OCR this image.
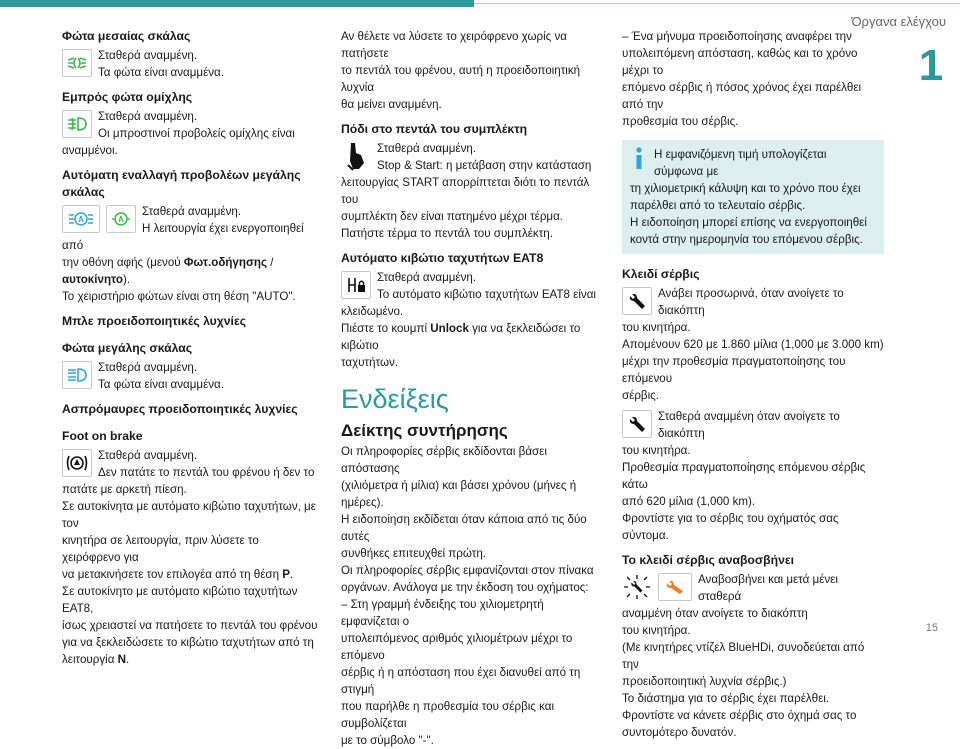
Όργανα ελέγχου
1
15
Φώτα μεσαίας σκάλας
Σταθερά αναμμένη.
Τα φώτα είναι αναμμένα.
Εμπρός φώτα ομίχλης
Σταθερά αναμμένη.
Οι μπροστινοί προβολείς ομίχλης είναι
αναμμένοι.
Αυτόματη εναλλαγή προβολέων μεγάλης σκάλας
A	A
Σταθερά αναμμένη.
Η λειτουργία έχει ενεργοποιηθεί από
την οθόνη αφής (μενού Φωτ.οδήγησης / αυτοκίνητο).
Το χειριστήριο φώτων είναι στη θέση "AUTO".
Μπλε προειδοποιητικές λυχνίες
Φώτα μεγάλης σκάλας
Σταθερά αναμμένη.
Τα φώτα είναι αναμμένα.
Ασπρόμαυρες προειδοποιητικές λυχνίες
Foot on brake
Σταθερά αναμμένη.
Δεν πατάτε το πεντάλ του φρένου ή δεν το
πατάτε με αρκετή πίεση.
Σε αυτοκίνητα με αυτόματο κιβώτιο ταχυτήτων, με τον
κινητήρα σε λειτουργία, πριν λύσετε το χειρόφρενο για
να μετακινήσετε τον επιλογέα από τη θέση P.
Σε αυτοκίνητο με αυτόματο κιβώτιο ταχυτήτων EAT8,
ίσως χρειαστεί να πατήσετε το πεντάλ του φρένου
για να ξεκλειδώσετε το κιβώτιο ταχυτήτων από τη
λειτουργία N.
Αν θέλετε να λύσετε το χειρόφρενο χωρίς να πατήσετε
το πεντάλ του φρένου, αυτή η προειδοποιητική λυχνία
θα μείνει αναμμένη.
Πόδι στο πεντάλ του συμπλέκτη
Σταθερά αναμμένη.
Stop & Start: η μετάβαση στην κατάσταση
λειτουργίας START απορρίπτεται διότι το πεντάλ του
συμπλέκτη δεν είναι πατημένο μέχρι τέρμα.
Πατήστε τέρμα το πεντάλ του συμπλέκτη.
Αυτόματο κιβώτιο ταχυτήτων EAT8
Σταθερά αναμμένη.
Το αυτόματο κιβώτιο ταχυτήτων EAT8 είναι
κλειδωμένο.
Πιέστε το κουμπί Unlock για να ξεκλειδώσει το κιβώτιο
ταχυτήτων.
Ενδείξεις
Δείκτης συντήρησης
Οι πληροφορίες σέρβις εκδίδονται βάσει απόστασης
(χιλιόμετρα ή μίλια) και βάσει χρόνου (μήνες ή ημέρες).
Η ειδοποίηση εκδίδεται όταν κάποια από τις δύο αυτές
συνθήκες επιτευχθεί πρώτη.
Οι πληροφορίες σέρβις εμφανίζονται στον πίνακα
οργάνων. Ανάλογα με την έκδοση του οχήματος:
– Στη γραμμή ένδειξης του χιλιομετρητή εμφανίζεται ο
υπολειπόμενος αριθμός χιλιομέτρων μέχρι το επόμενο
σέρβις ή η απόσταση που έχει διανυθεί από τη στιγμή
που παρήλθε η προθεσμία του σέρβις και συμβολίζεται
με το σύμβολο "-".
– Ένα μήνυμα προειδοποίησης αναφέρει την
υπολειπόμενη απόσταση, καθώς και το χρόνο μέχρι το
επόμενο σέρβις ή πόσος χρόνος έχει παρέλθει από την
προθεσμία του σέρβις.
Η εμφανιζόμενη τιμή υπολογίζεται σύμφωνα με
τη χιλιομετρική κάλυψη και το χρόνο που έχει
παρέλθει από το τελευταίο σέρβις.
Η ειδοποίηση μπορεί επίσης να ενεργοποιηθεί
κοντά στην ημερομηνία του επόμενου σέρβις.
Κλειδί σέρβις
Ανάβει προσωρινά, όταν ανοίγετε το διακόπτη
του κινητήρα.
Απομένουν 620 με 1.860 μίλια (1,000 με 3.000 km)
μέχρι την προθεσμία πραγματοποίησης του επόμενου
σέρβις.
Σταθερά αναμμένη όταν ανοίγετε το διακόπτη
του κινητήρα.
Προθεσμία πραγματοποίησης επόμενου σέρβις κάτω
από 620 μίλια (1,000 km).
Φροντίστε για το σέρβις του οχήματός σας σύντομα.
Το κλειδί σέρβις αναβοσβήνει
Αναβοσβήνει και μετά μένει σταθερά
αναμμένη όταν ανοίγετε το διακόπτη
του κινητήρα.
(Με κινητήρες ντίζελ BlueHDi, συνοδεύεται από την
προειδοποιητική λυχνία σέρβις.)
Το διάστημα για το σέρβις έχει παρέλθει.
Φροντίστε να κάνετε σέρβις στο όχημά σας το
συντομότερο δυνατόν.
